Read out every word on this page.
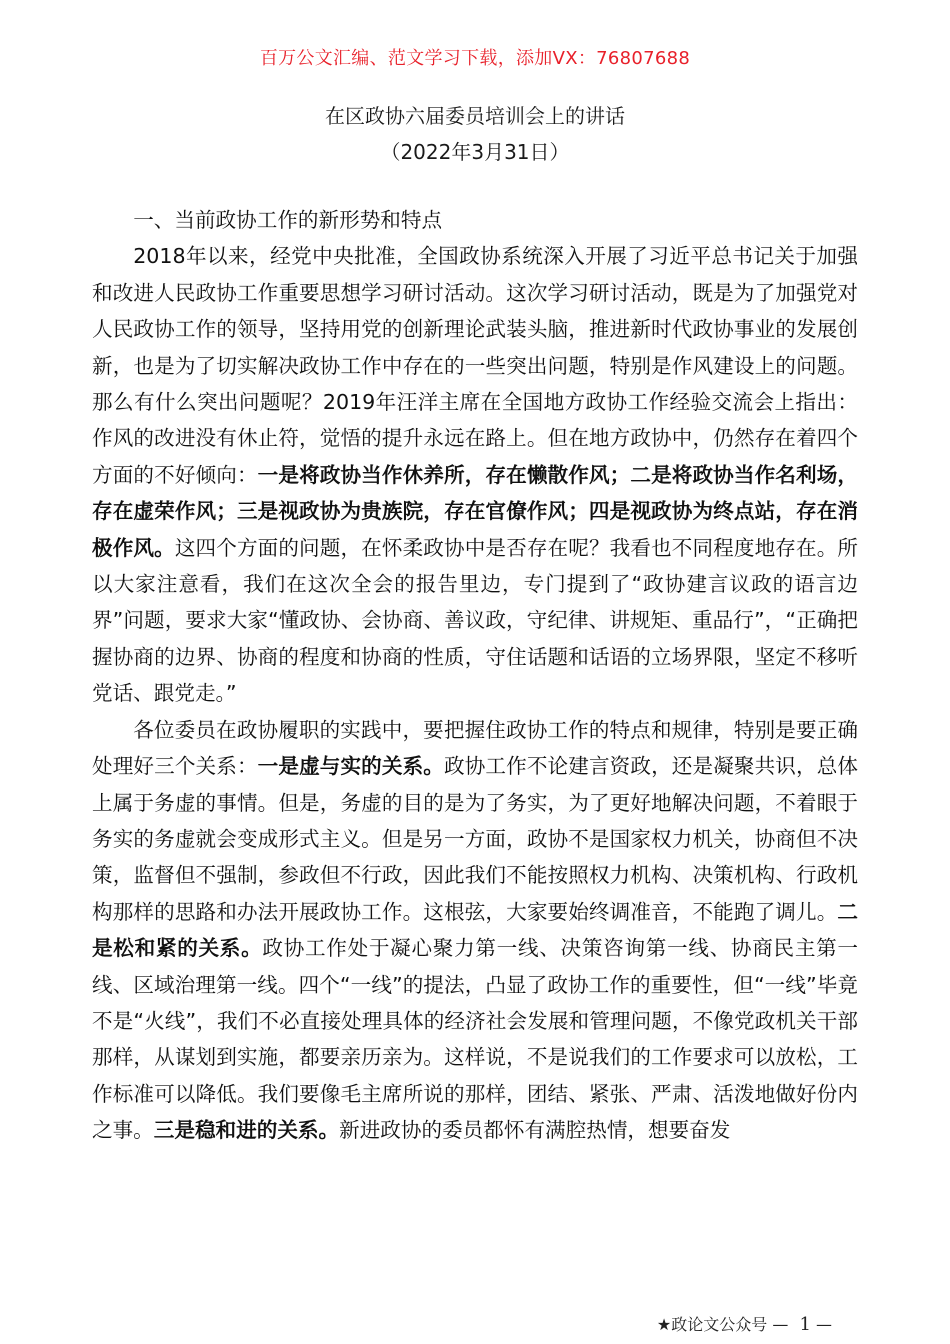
百万公文汇编、范文学习下载，添加VX：76807688
在区政协六届委员培训会上的讲话
（2022年3月31日）

一、当前政协工作的新形势和特点

2018年以来，经党中央批准，全国政协系统深入开展了习近平总书记关于加强和改进人民政协工作重要思想学习研讨活动。这次学习研讨活动，既是为了加强党对人民政协工作的领导，坚持用党的创新理论武装头脑，推进新时代政协事业的发展创新，也是为了切实解决政协工作中存在的一些突出问题，特别是作风建设上的问题。那么有什么突出问题呢？2019年汪洋主席在全国地方政协工作经验交流会上指出：作风的改进没有休止符，觉悟的提升永远在路上。但在地方政协中，仍然存在着四个方面的不好倾向：一是将政协当作休养所，存在懒散作风；二是将政协当作名利场，存在虚荣作风；三是视政协为贵族院，存在官僚作风；四是视政协为终点站，存在消极作风。这四个方面的问题，在怀柔政协中是否存在呢？我看也不同程度地存在。所以大家注意看，我们在这次全会的报告里边，专门提到了“政协建言议政的语言边界”问题，要求大家“懂政协、会协商、善议政，守纪律、讲规矩、重品行”，“正确把握协商的边界、协商的程度和协商的性质，守住话题和话语的立场界限，坚定不移听党话、跟党走。”

各位委员在政协履职的实践中，要把握住政协工作的特点和规律，特别是要正确处理好三个关系：一是虚与实的关系。政协工作不论建言资政，还是凝聚共识，总体上属于务虚的事情。但是，务虚的目的是为了务实，为了更好地解决问题，不着眼于务实的务虚就会变成形式主义。但是另一方面，政协不是国家权力机关，协商但不决策，监督但不强制，参政但不行政，因此我们不能按照权力机构、决策机构、行政机构那样的思路和办法开展政协工作。这根弦，大家要始终调准音，不能跑了调儿。二是松和紧的关系。政协工作处于凝心聚力第一线、决策咨询第一线、协商民主第一线、区域治理第一线。四个“一线”的提法，凸显了政协工作的重要性，但“一线”毕竟不是“火线”，我们不必直接处理具体的经济社会发展和管理问题，不像党政机关干部那样，从谋划到实施，都要亲历亲为。这样说，不是说我们的工作要求可以放松，工作标准可以降低。我们要像毛主席所说的那样，团结、紧张、严肃、活泼地做好份内之事。三是稳和进的关系。新进政协的委员都怀有满腔热情，想要奋发

★政论文公众号 — 1 —
